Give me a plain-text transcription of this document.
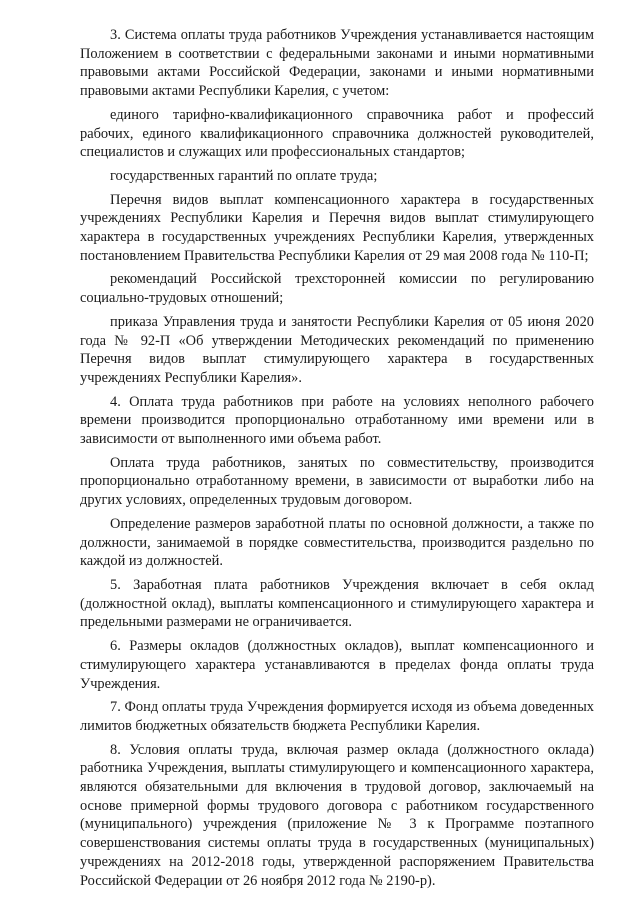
3. Система оплаты труда работников Учреждения устанавливается настоящим Положением в соответствии с федеральными законами и иными нормативными правовыми актами Российской Федерации, законами и иными нормативными правовыми актами Республики Карелия, с учетом:

единого тарифно-квалификационного справочника работ и профессий рабочих, единого квалификационного справочника должностей руководителей, специалистов и служащих или профессиональных стандартов;

государственных гарантий по оплате труда;

Перечня видов выплат компенсационного характера в государственных учреждениях Республики Карелия и Перечня видов выплат стимулирующего характера в государственных учреждениях Республики Карелия, утвержденных постановлением Правительства Республики Карелия от 29 мая 2008 года № 110-П;

рекомендаций Российской трехсторонней комиссии по регулированию социально-трудовых отношений;

приказа Управления труда и занятости Республики Карелия от 05 июня 2020 года № 92-П «Об утверждении Методических рекомендаций по применению Перечня видов выплат стимулирующего характера в государственных учреждениях Республики Карелия».

4. Оплата труда работников при работе на условиях неполного рабочего времени производится пропорционально отработанному ими времени или в зависимости от выполненного ими объема работ.

Оплата труда работников, занятых по совместительству, производится пропорционально отработанному времени, в зависимости от выработки либо на других условиях, определенных трудовым договором.

Определение размеров заработной платы по основной должности, а также по должности, занимаемой в порядке совместительства, производится раздельно по каждой из должностей.

5. Заработная плата работников Учреждения включает в себя оклад (должностной оклад), выплаты компенсационного и стимулирующего характера и предельными размерами не ограничивается.

6. Размеры окладов (должностных окладов), выплат компенсационного и стимулирующего характера устанавливаются в пределах фонда оплаты труда Учреждения.

7. Фонд оплаты труда Учреждения формируется исходя из объема доведенных лимитов бюджетных обязательств бюджета Республики Карелия.

8. Условия оплаты труда, включая размер оклада (должностного оклада) работника Учреждения, выплаты стимулирующего и компенсационного характера, являются обязательными для включения в трудовой договор, заключаемый на основе примерной формы трудового договора с работником государственного (муниципального) учреждения (приложение № 3 к Программе поэтапного совершенствования системы оплаты труда в государственных (муниципальных) учреждениях на 2012-2018 годы, утвержденной распоряжением Правительства Российской Федерации от 26 ноября 2012 года № 2190-р).
